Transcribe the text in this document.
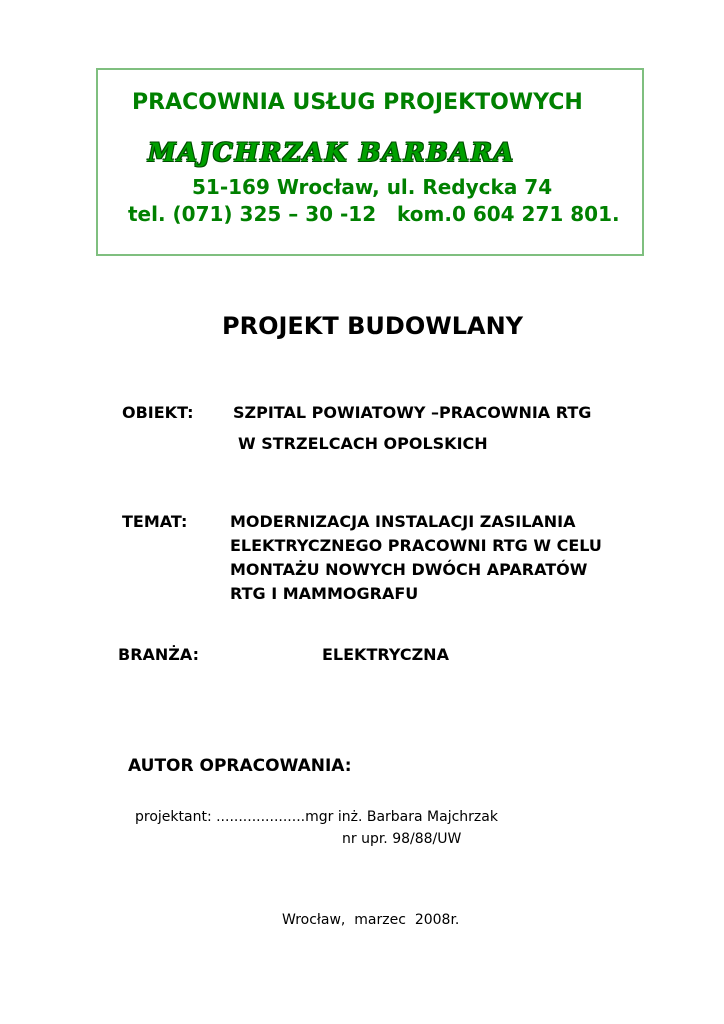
PRACOWNIA USŁUG PROJEKTOWYCH
MAJCHRZAK BARBARA
51-169 Wrocław, ul. Redycka 74
tel. (071) 325 – 30 -12   kom.0 604 271 801.
PROJEKT BUDOWLANY
OBIEKT: SZPITAL POWIATOWY –PRACOWNIA RTG
W STRZELCACH OPOLSKICH
TEMAT:	MODERNIZACJA INSTALACJI ZASILANIA
ELEKTRYCZNEGO PRACOWNI RTG W CELU
MONTAŻU NOWYCH DWÓCH APARATÓW
RTG I MAMMOGRAFU
BRANŻA:	ELEKTRYCZNA
AUTOR OPRACOWANIA:
projektant: ....................mgr inż. Barbara Majchrzak
nr upr. 98/88/UW
Wrocław,  marzec  2008r.
